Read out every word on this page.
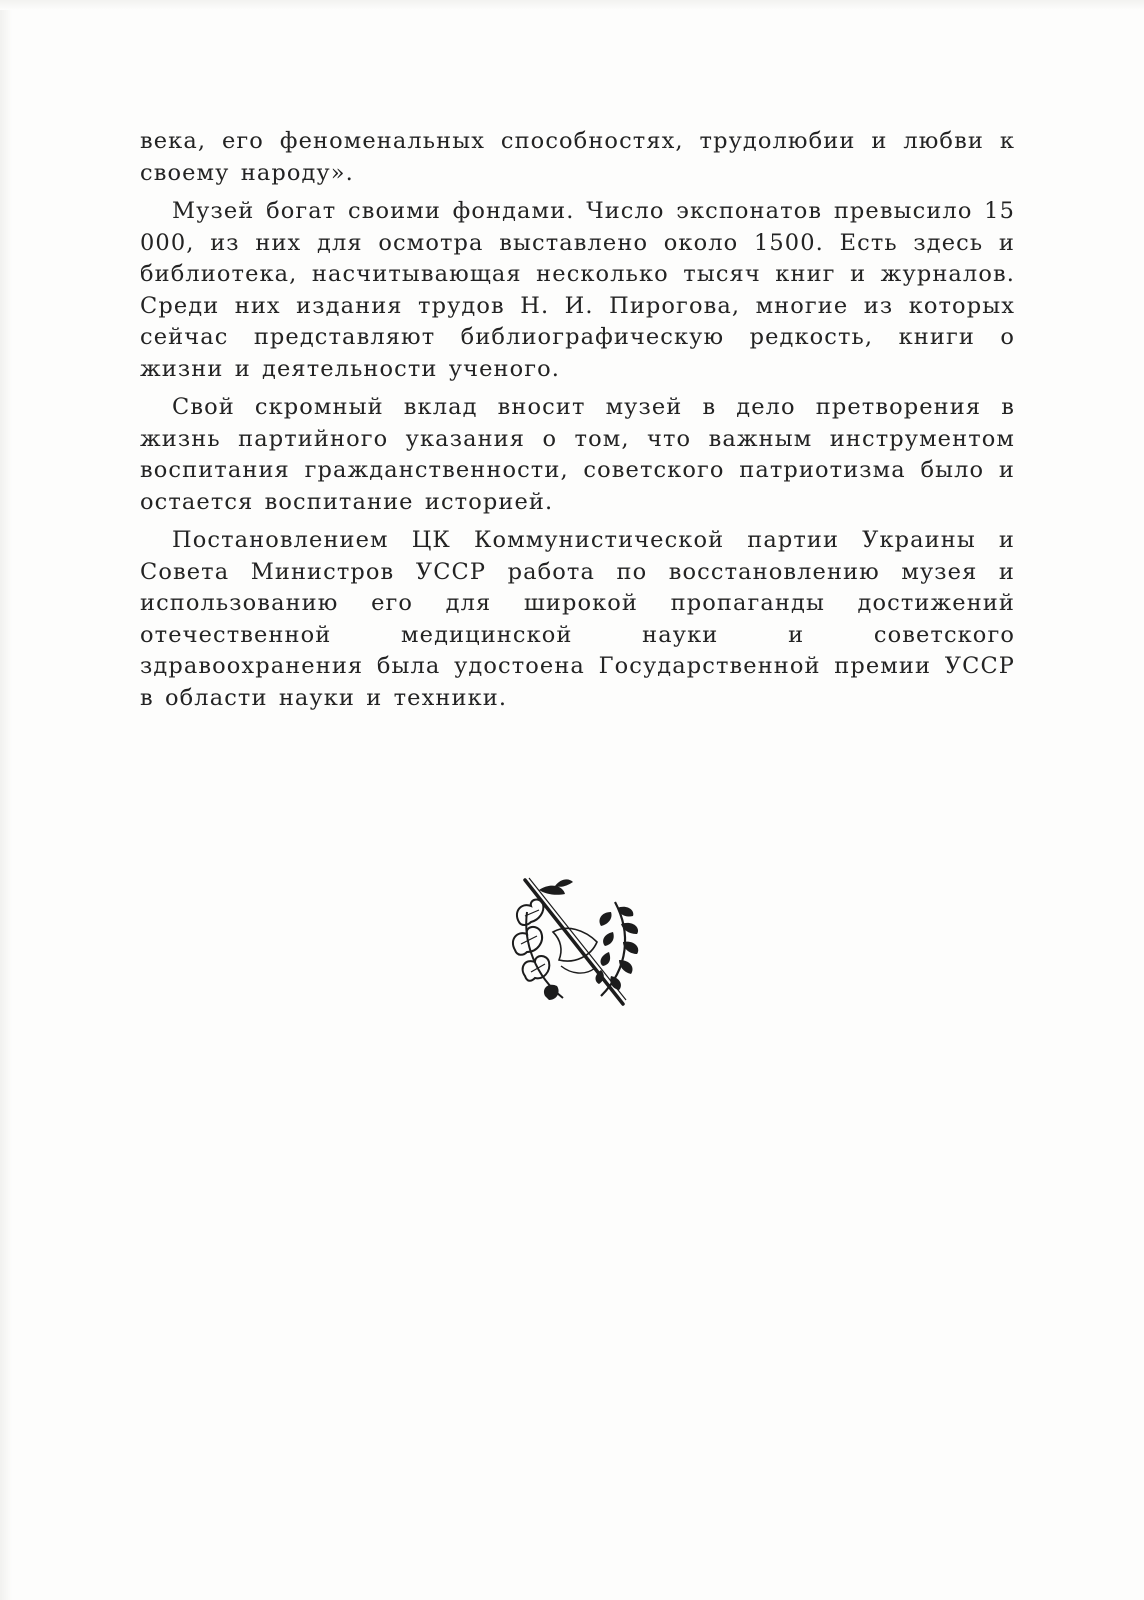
века, его феноменальных способностях, трудолюбии и любви к своему народу».

Музей богат своими фондами. Число экспонатов превысило 15 000, из них для осмотра выставлено около 1500. Есть здесь и библиотека, насчитывающая несколько тысяч книг и журналов. Среди них издания трудов Н. И. Пирогова, многие из которых сейчас представляют библиографическую редкость, книги о жизни и деятельности ученого.

Свой скромный вклад вносит музей в дело претворения в жизнь партийного указания о том, что важным инструментом воспитания гражданственности, советского патриотизма было и остается воспитание историей.

Постановлением ЦК Коммунистической партии Украины и Совета Министров УССР работа по восстановлению музея и использованию его для широкой пропаганды достижений отечественной медицинской науки и советского здравоохранения была удостоена Государственной премии УССР в области науки и техники.
